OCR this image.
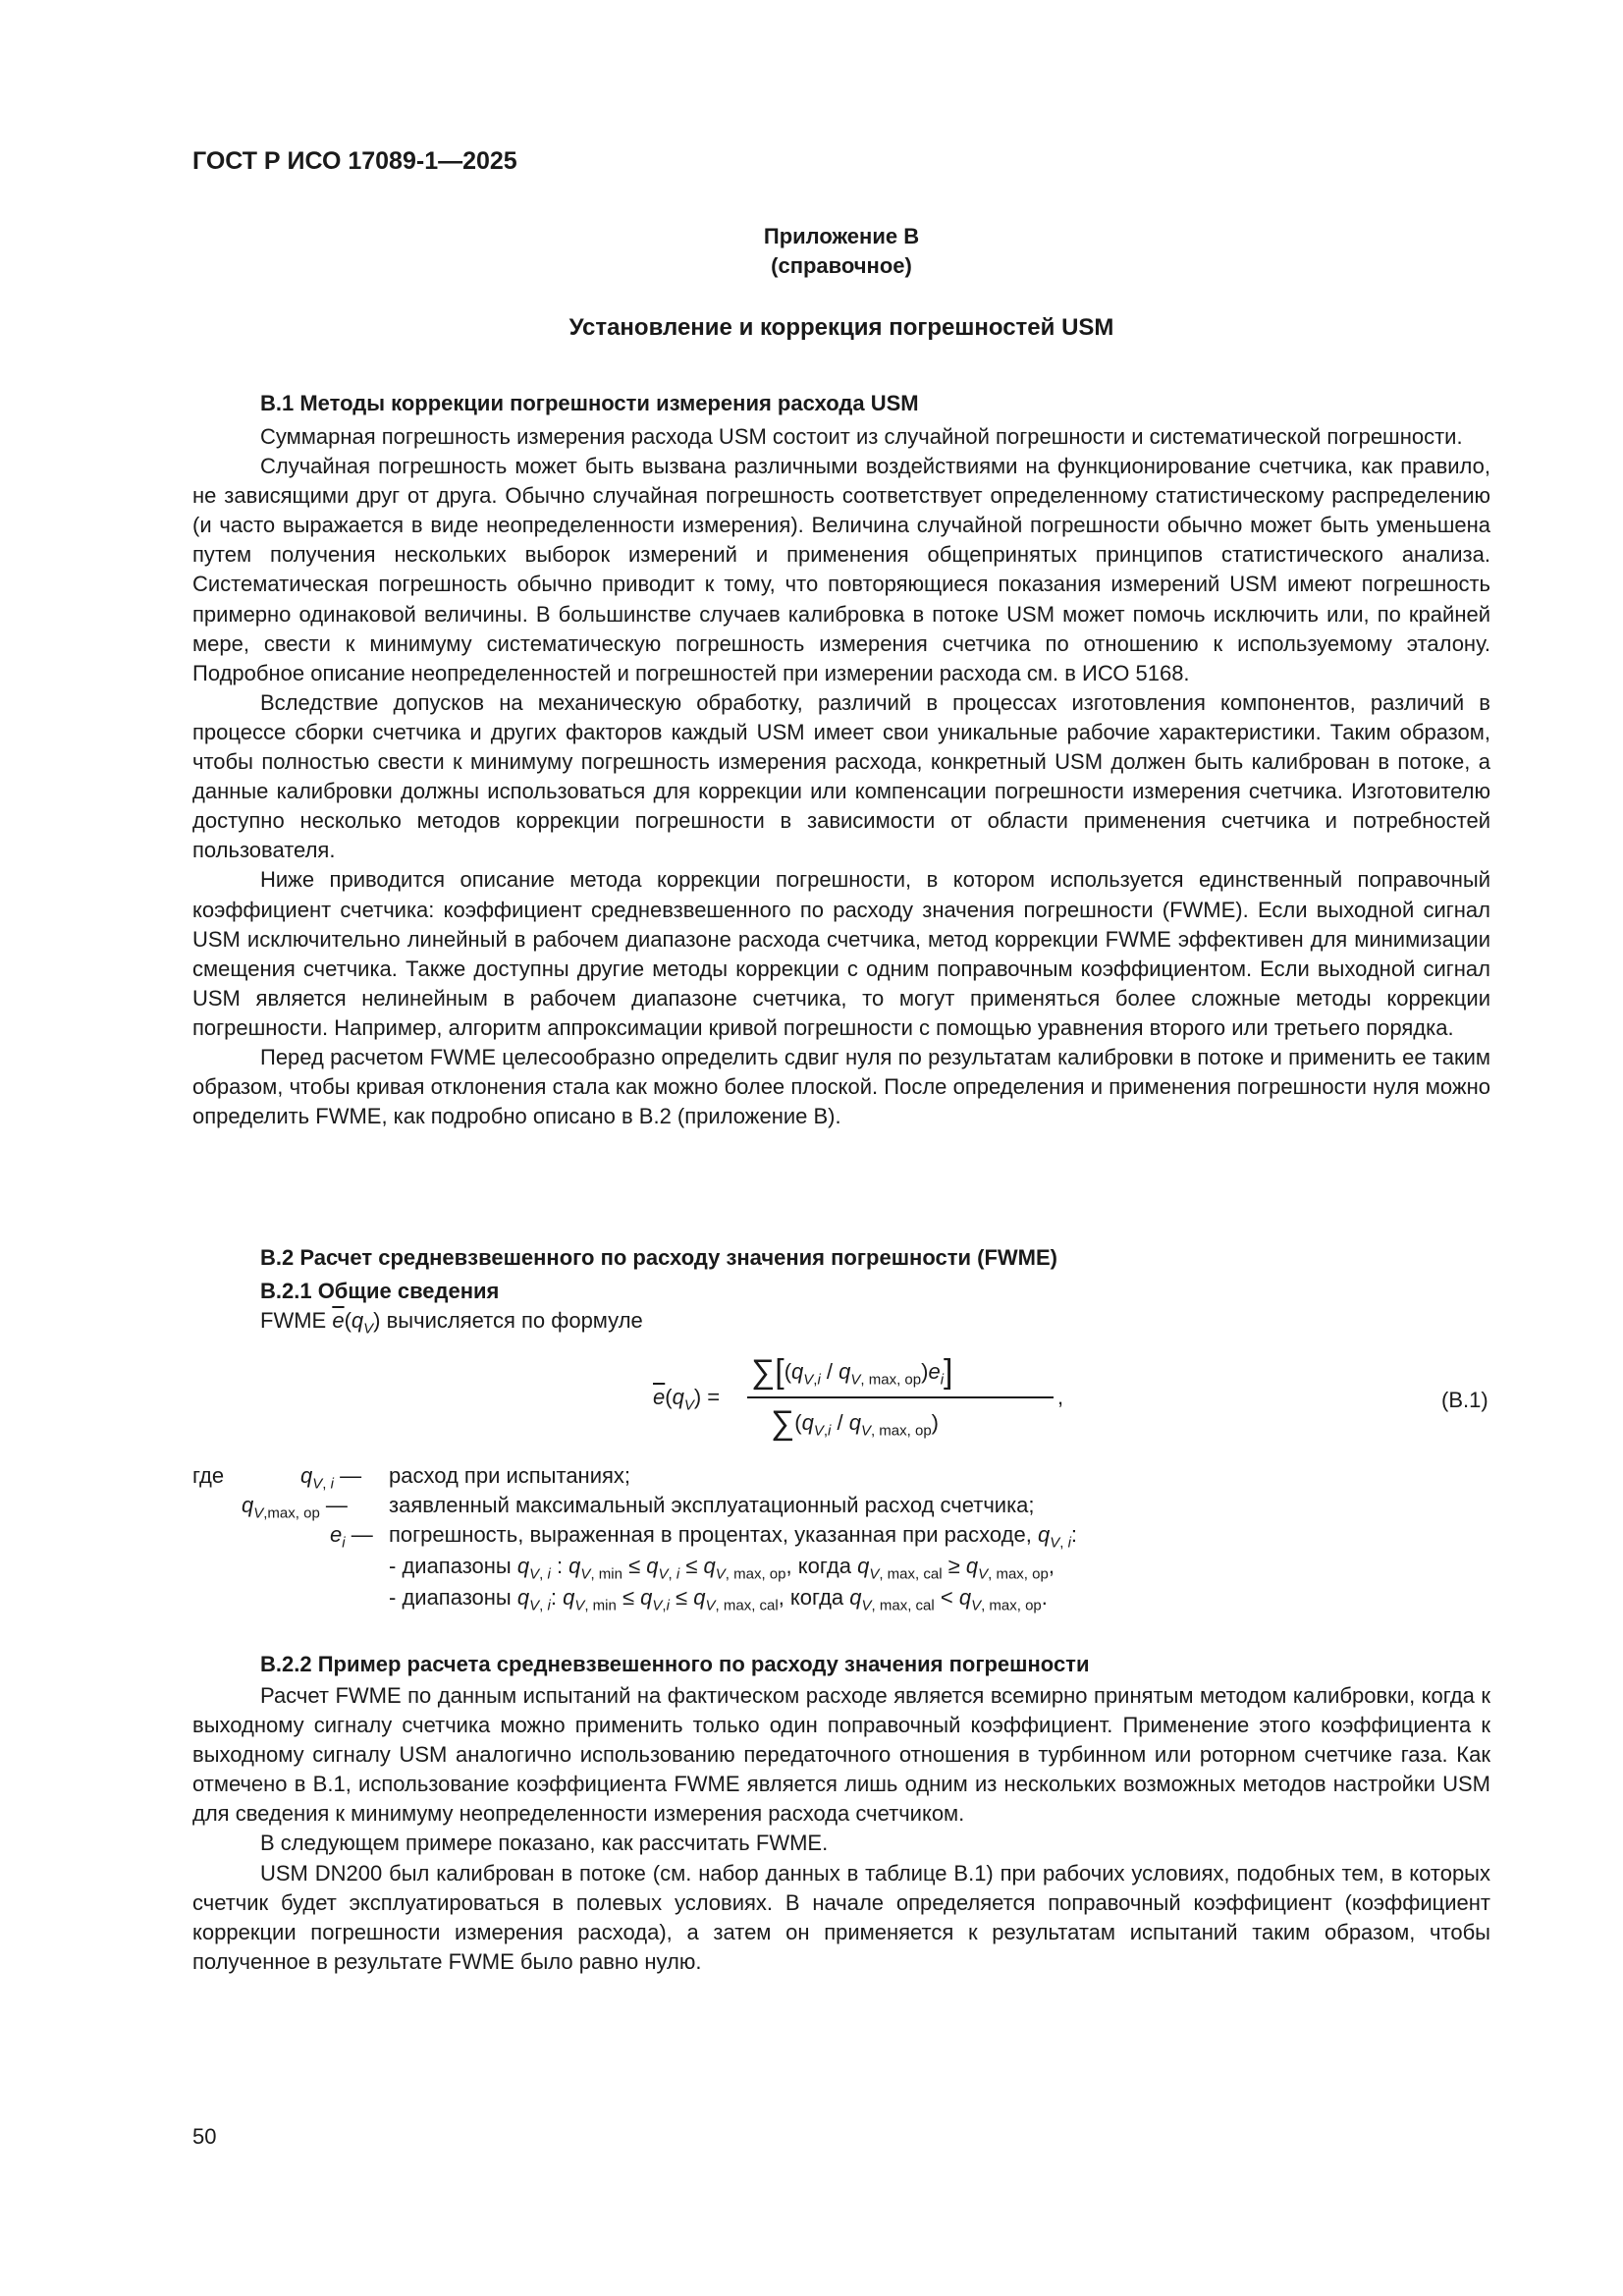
ГОСТ Р ИСО 17089-1—2025
Приложение В
(справочное)
Установление и коррекция погрешностей USM
В.1 Методы коррекции погрешности измерения расхода USM

Суммарная погрешность измерения расхода USM состоит из случайной погрешности и систематической погрешности.

Случайная погрешность может быть вызвана различными воздействиями на функционирование счетчика, как правило, не зависящими друг от друга. Обычно случайная погрешность соответствует определенному статистическому распределению (и часто выражается в виде неопределенности измерения). Величина случайной погрешности обычно может быть уменьшена путем получения нескольких выборок измерений и применения общепринятых принципов статистического анализа. Систематическая погрешность обычно приводит к тому, что повторяющиеся показания измерений USM имеют погрешность примерно одинаковой величины. В большинстве случаев калибровка в потоке USM может помочь исключить или, по крайней мере, свести к минимуму систематическую погрешность измерения счетчика по отношению к используемому эталону. Подробное описание неопределенностей и погрешностей при измерении расхода см. в ИСО 5168.

Вследствие допусков на механическую обработку, различий в процессах изготовления компонентов, различий в процессе сборки счетчика и других факторов каждый USM имеет свои уникальные рабочие характеристики. Таким образом, чтобы полностью свести к минимуму погрешность измерения расхода, конкретный USM должен быть калиброван в потоке, а данные калибровки должны использоваться для коррекции или компенсации погрешности измерения счетчика. Изготовителю доступно несколько методов коррекции погрешности в зависимости от области применения счетчика и потребностей пользователя.

Ниже приводится описание метода коррекции погрешности, в котором используется единственный поправочный коэффициент счетчика: коэффициент средневзвешенного по расходу значения погрешности (FWME). Если выходной сигнал USM исключительно линейный в рабочем диапазоне расхода счетчика, метод коррекции FWME эффективен для минимизации смещения счетчика. Также доступны другие методы коррекции с одним поправочным коэффициентом. Если выходной сигнал USM является нелинейным в рабочем диапазоне счетчика, то могут применяться более сложные методы коррекции погрешности. Например, алгоритм аппроксимации кривой погрешности с помощью уравнения второго или третьего порядка.

Перед расчетом FWME целесообразно определить сдвиг нуля по результатам калибровки в потоке и применить ее таким образом, чтобы кривая отклонения стала как можно более плоской. После определения и применения погрешности нуля можно определить FWME, как подробно описано в В.2 (приложение В).

В.2 Расчет средневзвешенного по расходу значения погрешности (FWME)
В.2.1 Общие сведения
FWME $\overline{e}(q_V)$ вычисляется по формуле
$\overline{e}(q_V)$ =
$\sum[(q_{V,i} / q_{V, max, op})e_i]$
$\sum(q_{V,i} / q_{V, max, op})$
,	(В.1)
где	$q_{V, i}$ — расход при испытаниях;
$q_{V,max, op}$ — заявленный максимальный эксплуатационный расход счетчика;
$e_i$ — погрешность, выраженная в процентах, указанная при расходе, $q_{V, i}$:
- диапазоны $q_{V, i}$ : $q_{V, min} \le q_{V, i} \le q_{V, max, op}$, когда $q_{V, max, cal} \ge q_{V, max, op}$,
- диапазоны $q_{V, i}$: $q_{V, min} \le q_{V,i} \le q_{V, max, cal}$, когда $q_{V, max, cal} < q_{V, max, op}$.
В.2.2 Пример расчета средневзвешенного по расходу значения погрешности

Расчет FWME по данным испытаний на фактическом расходе является всемирно принятым методом калибровки, когда к выходному сигналу счетчика можно применить только один поправочный коэффициент. Применение этого коэффициента к выходному сигналу USM аналогично использованию передаточного отношения в турбинном или роторном счетчике газа. Как отмечено в В.1, использование коэффициента FWME является лишь одним из нескольких возможных методов настройки USM для сведения к минимуму неопределенности измерения расхода счетчиком.

В следующем примере показано, как рассчитать FWME.

USM DN200 был калиброван в потоке (см. набор данных в таблице В.1) при рабочих условиях, подобных тем, в которых счетчик будет эксплуатироваться в полевых условиях. В начале определяется поправочный коэффициент (коэффициент коррекции погрешности измерения расхода), а затем он применяется к результатам испытаний таким образом, чтобы полученное в результате FWME было равно нулю.

50
